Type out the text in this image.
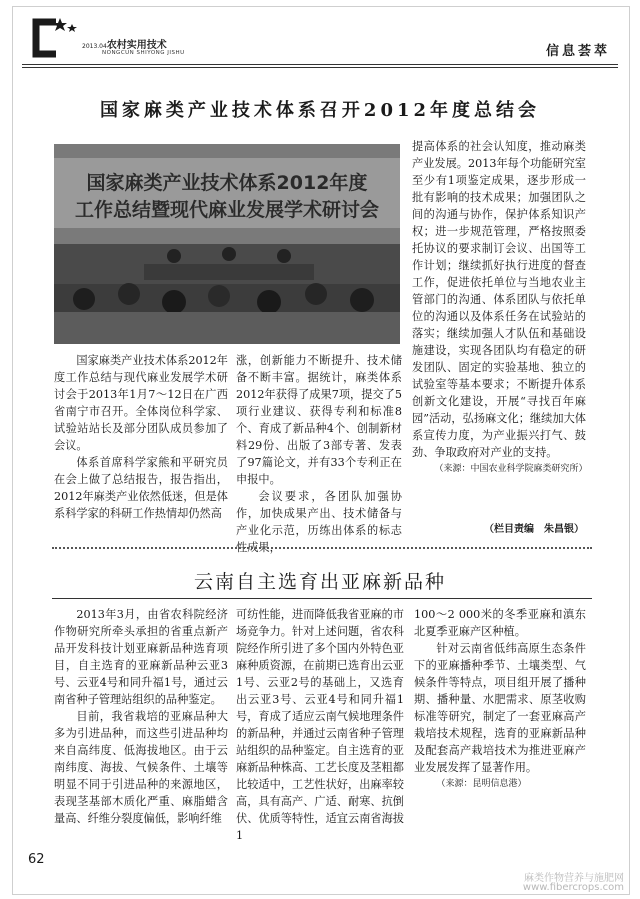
2013.04农村实用技术
NONGCUN SHIYONG JISHU	信息荟萃
国家麻类产业技术体系召开2012年度总结会
国家麻类产业技术体系2012年度
工作总结暨现代麻业发展学术研讨会

国家麻类产业技术体系2012年度工作总结与现代麻业发展学术研讨会于2013年1月7～12日在广西省南宁市召开。全体岗位科学家、试验站站长及部分团队成员参加了会议。

体系首席科学家熊和平研究员在会上做了总结报告，报告指出，2012年麻类产业依然低迷，但是体系科学家的科研工作热情却仍然高

涨，创新能力不断提升、技术储备不断丰富。据统计，麻类体系2012年获得了成果7项，提交了5项行业建议、获得专利和标准8个、育成了新品种4个、创制新材料29份、出版了3部专著、发表了97篇论文，并有33个专利正在申报中。

会议要求，各团队加强协作，加快成果产出、技术储备与产业化示范，历练出体系的标志性成果，

提高体系的社会认知度，推动麻类产业发展。2013年每个功能研究室至少有1项鉴定成果，逐步形成一批有影响的技术成果；加强团队之间的沟通与协作，保护体系知识产权；进一步规范管理，严格按照委托协议的要求制订会议、出国等工作计划；继续抓好执行进度的督查工作，促进依托单位与当地农业主管部门的沟通、体系团队与依托单位的沟通以及体系任务在试验站的落实；继续加强人才队伍和基础设施建设，实现各团队均有稳定的研发团队、固定的实验基地、独立的试验室等基本要求；不断提升体系创新文化建设，开展“寻找百年麻园”活动，弘扬麻文化；继续加大体系宣传力度，为产业振兴打气、鼓劲、争取政府对产业的支持。

（来源：中国农业科学院麻类研究所）

（栏目责编　朱昌银）
云南自主选育出亚麻新品种

2013年3月，由省农科院经济作物研究所牵头承担的省重点新产品开发科技计划亚麻新品种选育项目，自主选育的亚麻新品种云亚3号、云亚4号和同升福1号，通过云南省种子管理站组织的品种鉴定。

目前，我省栽培的亚麻品种大多为引进品种，而这些引进品种均来自高纬度、低海拔地区。由于云南纬度、海拔、气候条件、土壤等明显不同于引进品种的来源地区，表现茎基部木质化严重、麻脂蜡含量高、纤维分裂度偏低，影响纤维

可纺性能，进而降低我省亚麻的市场竞争力。针对上述问题，省农科院经作所引进了多个国内外特色亚麻种质资源，在前期已选育出云亚1号、云亚2号的基础上，又选育出云亚3号、云亚4号和同升福1号，育成了适应云南气候地理条件的新品种，并通过云南省种子管理站组织的品种鉴定。自主选育的亚麻新品种株高、工艺长度及茎粗都比较适中，工艺性状好，出麻率较高，具有高产、广适、耐寒、抗倒伏、优质等特性，适宜云南省海拔1

100～2 000米的冬季亚麻和滇东北夏季亚麻产区种植。

针对云南省低纬高原生态条件下的亚麻播种季节、土壤类型、气候条件等特点，项目组开展了播种期、播种量、水肥需求、原茎收购标准等研究，制定了一套亚麻高产栽培技术规程，选育的亚麻新品种及配套高产栽培技术为推进亚麻产业发展发挥了显著作用。

（来源：昆明信息港）

62
麻类作物营养与施肥网
www.fibercrops.com
